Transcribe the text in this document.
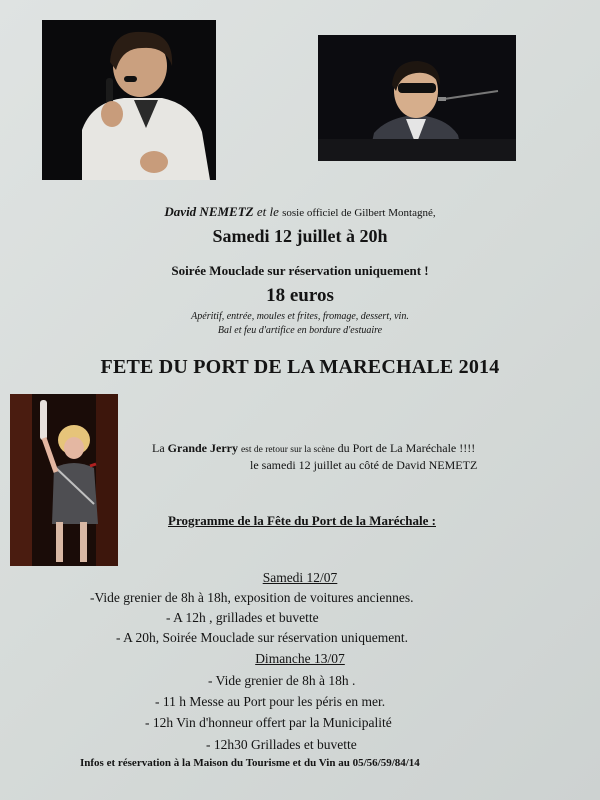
David NEMETZ et le sosie officiel de Gilbert Montagné,
Samedi 12 juillet à 20h
Soirée Mouclade sur réservation uniquement !
18 euros
Apéritif, entrée, moules et frites, fromage, dessert, vin.
Bal et feu d'artifice en bordure d'estuaire
FETE DU PORT DE LA MARECHALE 2014
La Grande Jerry est de retour sur la scène du Port de La Maréchale !!!!
le samedi 12 juillet au côté de David NEMETZ
Programme de la Fête du Port de la Maréchale :
Samedi 12/07
-Vide grenier de 8h à 18h, exposition de voitures anciennes.
- A 12h , grillades et buvette
- A 20h, Soirée Mouclade sur réservation uniquement.
Dimanche 13/07
- Vide grenier de 8h à 18h .
- 11 h Messe au Port pour les péris en mer.
- 12h Vin d'honneur offert par la Municipalité
- 12h30 Grillades et buvette
Infos et réservation à la Maison du Tourisme et du Vin au 05/56/59/84/14
